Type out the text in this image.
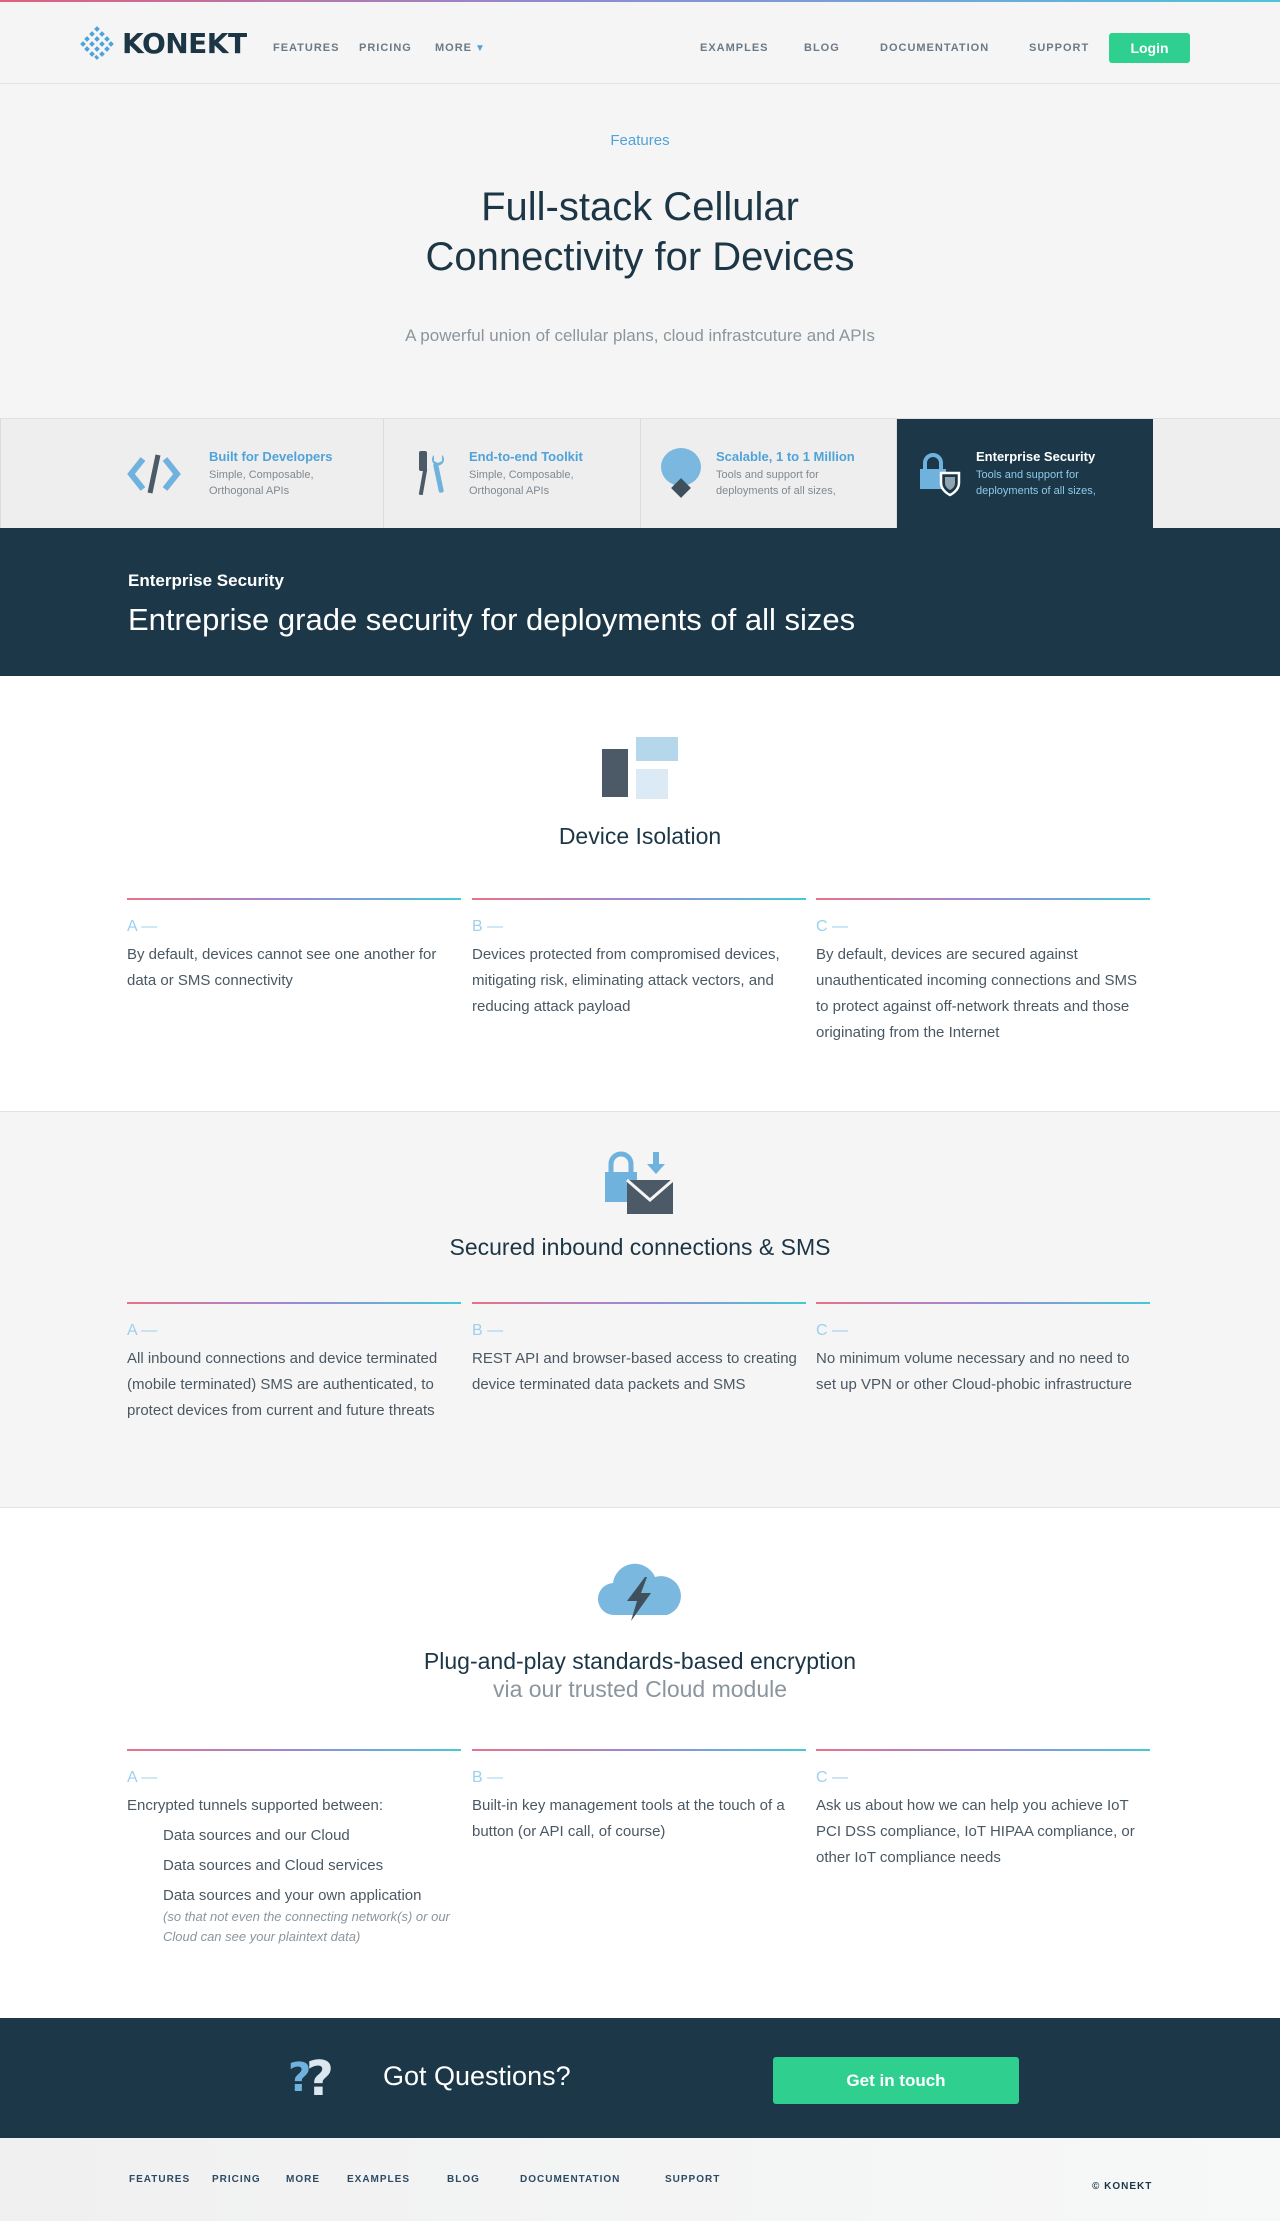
KONEKT FEATURES PRICING MORE ▼	EXAMPLES	BLOG	DOCUMENTATION	SUPPORT	Login
Features
Full-stack Cellular
Connectivity for Devices

A powerful union of cellular plans, cloud infrastcuture and APIs

Built for Developers
Simple, Composable, Orthogonal APIs
End-to-end Toolkit
Simple, Composable, Orthogonal APIs
Scalable, 1 to 1 Million
Tools and support for deployments of all sizes,
Enterprise Security
Tools and support for deployments of all sizes,
Enterprise Security
Entreprise grade security for deployments of all sizes
Device Isolation
A —
By default, devices cannot see one another for data or SMS connectivity
B —
Devices protected from compromised devices, mitigating risk, eliminating attack vectors, and reducing attack payload
C —
By default, devices are secured against unauthenticated incoming connections and SMS to protect against off-network threats and those originating from the Internet
Secured inbound connections & SMS
A —
All inbound connections and device terminated (mobile terminated) SMS are authenticated, to protect devices from current and future threats
B —
REST API and browser-based access to creating device terminated data packets and SMS
C —
No minimum volume necessary and no need to set up VPN or other Cloud-phobic infrastructure
Plug-and-play standards-based encryption
via our trusted Cloud module
A —
Encrypted tunnels supported between:
Data sources and our Cloud
Data sources and Cloud services
Data sources and your own application
(so that not even the connecting network(s) or our Cloud can see your plaintext data)
B —
Built-in key management tools at the touch of a button (or API call, of course)
C —
Ask us about how we can help you achieve IoT PCI DSS compliance, IoT HIPAA compliance, or other IoT compliance needs
?
? Got Questions?	Get in touch
FEATURES PRICING	MORE	EXAMPLES	BLOG	DOCUMENTATION	SUPPORT
© KONEKT
